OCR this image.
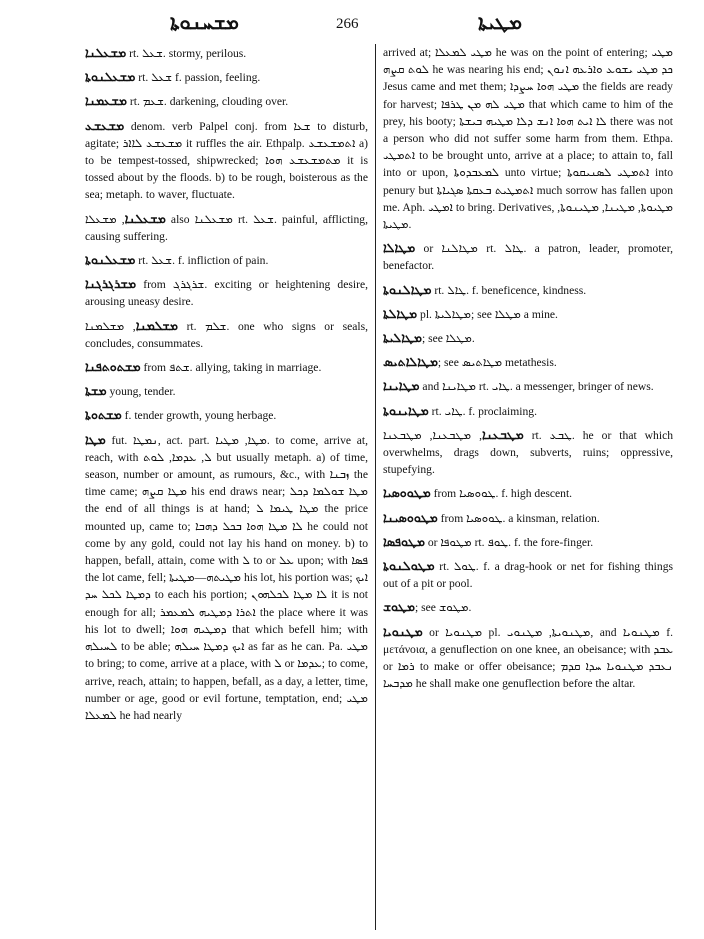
ܡܫܚܢܘܬܐ	266	ܡܛܝܬܐ

ܡܫܥܠܢܐ rt. ܫܥܠ. stormy, perilous.

ܡܫܥܠܢܘܬܐ rt. ܫܥܠ f. passion, feeling.

ܡܫܥܡܢܐ rt. ܫܥܡ. darkening, clouding over.

ܡܫܥܫܥ denom. verb Palpel conj. from ܫܥܐ to disturb, agitate; ܡܫܥܫܥ ܠܐܐܪ it ruffles the air. Ethpalp. ܐܬܡܫܥܫܥ a) to be tempest-tossed, shipwrecked; ܡܬܡܫܥܫܥ ܗܘܐ it is tossed about by the floods. b) to be rough, boisterous as the sea; metaph. to waver, fluctuate.

ܡܫܥܠܢܐ, ܡܫܥܠܐ also ܡܫܥܠܢܐ rt. ܫܥܠ. painful, afflicting, causing suffering.

ܡܫܥܠܢܘܬܐ rt. ܫܥܠ. f. infliction of pain.

ܡܫܪܓܪܓܢܐ from ܫܪܓܪܓ. exciting or heightening desire, arousing uneasy desire.

ܡܫܠܡܢܐ, ܡܫܠܡܢܐ rt. ܫܠܡ. one who signs or seals, concludes, consummates.

ܡܫܬܘܬܦܢܐ from ܫܬܦ. allying, taking in marriage.

ܡܫܬܐ young, tender.

ܡܫܬܘܬܐ f. tender growth, young herbage.

ܡܛܐ fut. ܢܡܛܐ, act. part. ܡܛܐ, ܡܛܝܐ. to come, arrive at, reach, with ܠ, ܥܕܡܐ, ܠܘܬ but usually metaph. a) of time, season, number or amount, as rumours, &c., with ܙܒܢܐ the time came; ܡܛܐ ܩܨܗ his end draws near; ܡܛܐ ܫܘܠܡܐ ܕܟܠ the end of all things is at hand; ܡܛܐ ܛܝܡܐ ܠ the price mounted up, came to; ܠܐ ܡܛܐ ܗܘܐ ܒܟܠ ܕܗܒܐ he could not come by any gold, could not lay his hand on money. b) to happen, befall, attain, come with ܠ to or ܥܠ upon; with ܦܣܐ the lot came, fell; ܡܛܝܬܗ—ܡܛܝܬܐ his lot, his portion was; ܐܝܟ ܕܡܛܐ ܠܟܠ ܚܕ to each his portion; ܠܐ ܡܛܐ ܠܟܠܗܘܢ it is not enough for all; ܐܬܪܐ ܕܡܛܝܗ ܠܡܥܡܪ the place where it was his lot to dwell; ܕܡܛܝܗ ܗܘܐ that which befell him; with ܠܚܝܠܗ to be able; ܐܝܟ ܕܡܛܐ ܚܝܠܗ as far as he can. Pa. ܡܛܝ to bring; to come, arrive at a place, with ܠ or ܥܕܡܐ; to come, arrive, reach, attain; to happen, befall, as a day, a letter, time, number or age, good or evil fortune, temptation, end; ܡܛܝ ܠܡܥܠܐ he had nearly

arrived at; ܡܛܝ ܠܡܥܠܐ he was on the point of entering; ܡܛܝ ܠܘܬ ܩܨܗ he was nearing his end; ܟܕ ܡܛܝ ܝܫܘܥ ܘܐܪܥܗ ܐܢܘܢ Jesus came and met them; ܡܛܝ ܗܘܐ ܚܨܕܐ the fields are ready for harvest; ܡܛܝ ܠܗ ܡܢ ܛܪܦܐ that which came to him of the prey, his booty; ܠܐ ܐܝܬ ܗܘܐ ܐܢܫ ܕܠܐ ܡܛܝܗ ܒܝܫܬܐ there was not a person who did not suffer some harm from them. Ethpa. ܐܬܡܛܝ to be brought unto, arrive at a place; to attain to, fall into or upon, ܠܡܥܒܕܘܬܐ unto virtue; ܐܬܡܛܝ ܠܣܢܝܩܘܬܐ into penury but ܐܬܡܛܝܬ ܒܥܩܬܐ ܣܓܝܐܬܐ much sorrow has fallen upon me. Aph. ܐܡܛܝ to bring. Derivatives, ܡܛܝܘܬܐ, ܡܛܝܢܐ, ܡܛܝܢܘܬܐ, ܡܛܝܬܐ.

ܡܛܐܠܐ or ܡܛܐܠܢܐ rt. ܛܐܠ. a patron, leader, promoter, benefactor.

ܡܛܐܠܢܘܬܐ rt. ܛܐܠ. f. beneficence, kindness.

ܡܛܐܠܬܐ pl. ܡܛܐܠܝܬܐ; see ܡܛܠܐ a mine.

ܡܛܐܠܝܬܐ; see ܡܛܠܐ.

ܡܛܐܠܐܬܝܣ; see ܡܛܐܬܝܣ metathesis.

ܡܛܐܝܢܐ and ܡܛܐܝܢܐ rt. ܛܐܝ. a messenger, bringer of news.

ܡܛܐܝܢܘܬܐ rt. ܛܐܝ. f. proclaiming.

ܡܛܒܥܢܐ, ܡܛܒܥܢܐ, ܡܛܒܥܢܐ rt. ܛܒܥ. he or that which overwhelms, drags down, subverts, ruins; oppressive, stupefying.

ܡܛܘܘܣܝܐ from ܛܘܘܣܝܐ. f. high descent.

ܡܛܘܘܣܝܢܐ from ܛܘܘܣܝܐ. a kinsman, relation.

ܡܛܘܦܣܐ or ܡܛܘܦܐ rt. ܛܘܦ. f. the fore-finger.

ܡܛܘܠܢܘܬܐ rt. ܛܘܠ. f. a drag-hook or net for fishing things out of a pit or pool.

ܡܛܘܫ; see ܡܛܘܫ.

ܡܛܢܘܝܐ or ܡܛܢܘܝܐ pl. ܡܛܢܘܝܬܐ, ܡܛܢܘܝ, and ܡܛܢܘܝܐ f. μετάνοια, a genuflection on one knee, an obeisance; with ܥܒܕ or ܪܡܐ to make or offer obeisance; ܢܥܒܕ ܡܛܢܘܝܐ ܚܕܐ ܩܕܡ ܡܕܒܚܐ he shall make one genuflection before the altar.
